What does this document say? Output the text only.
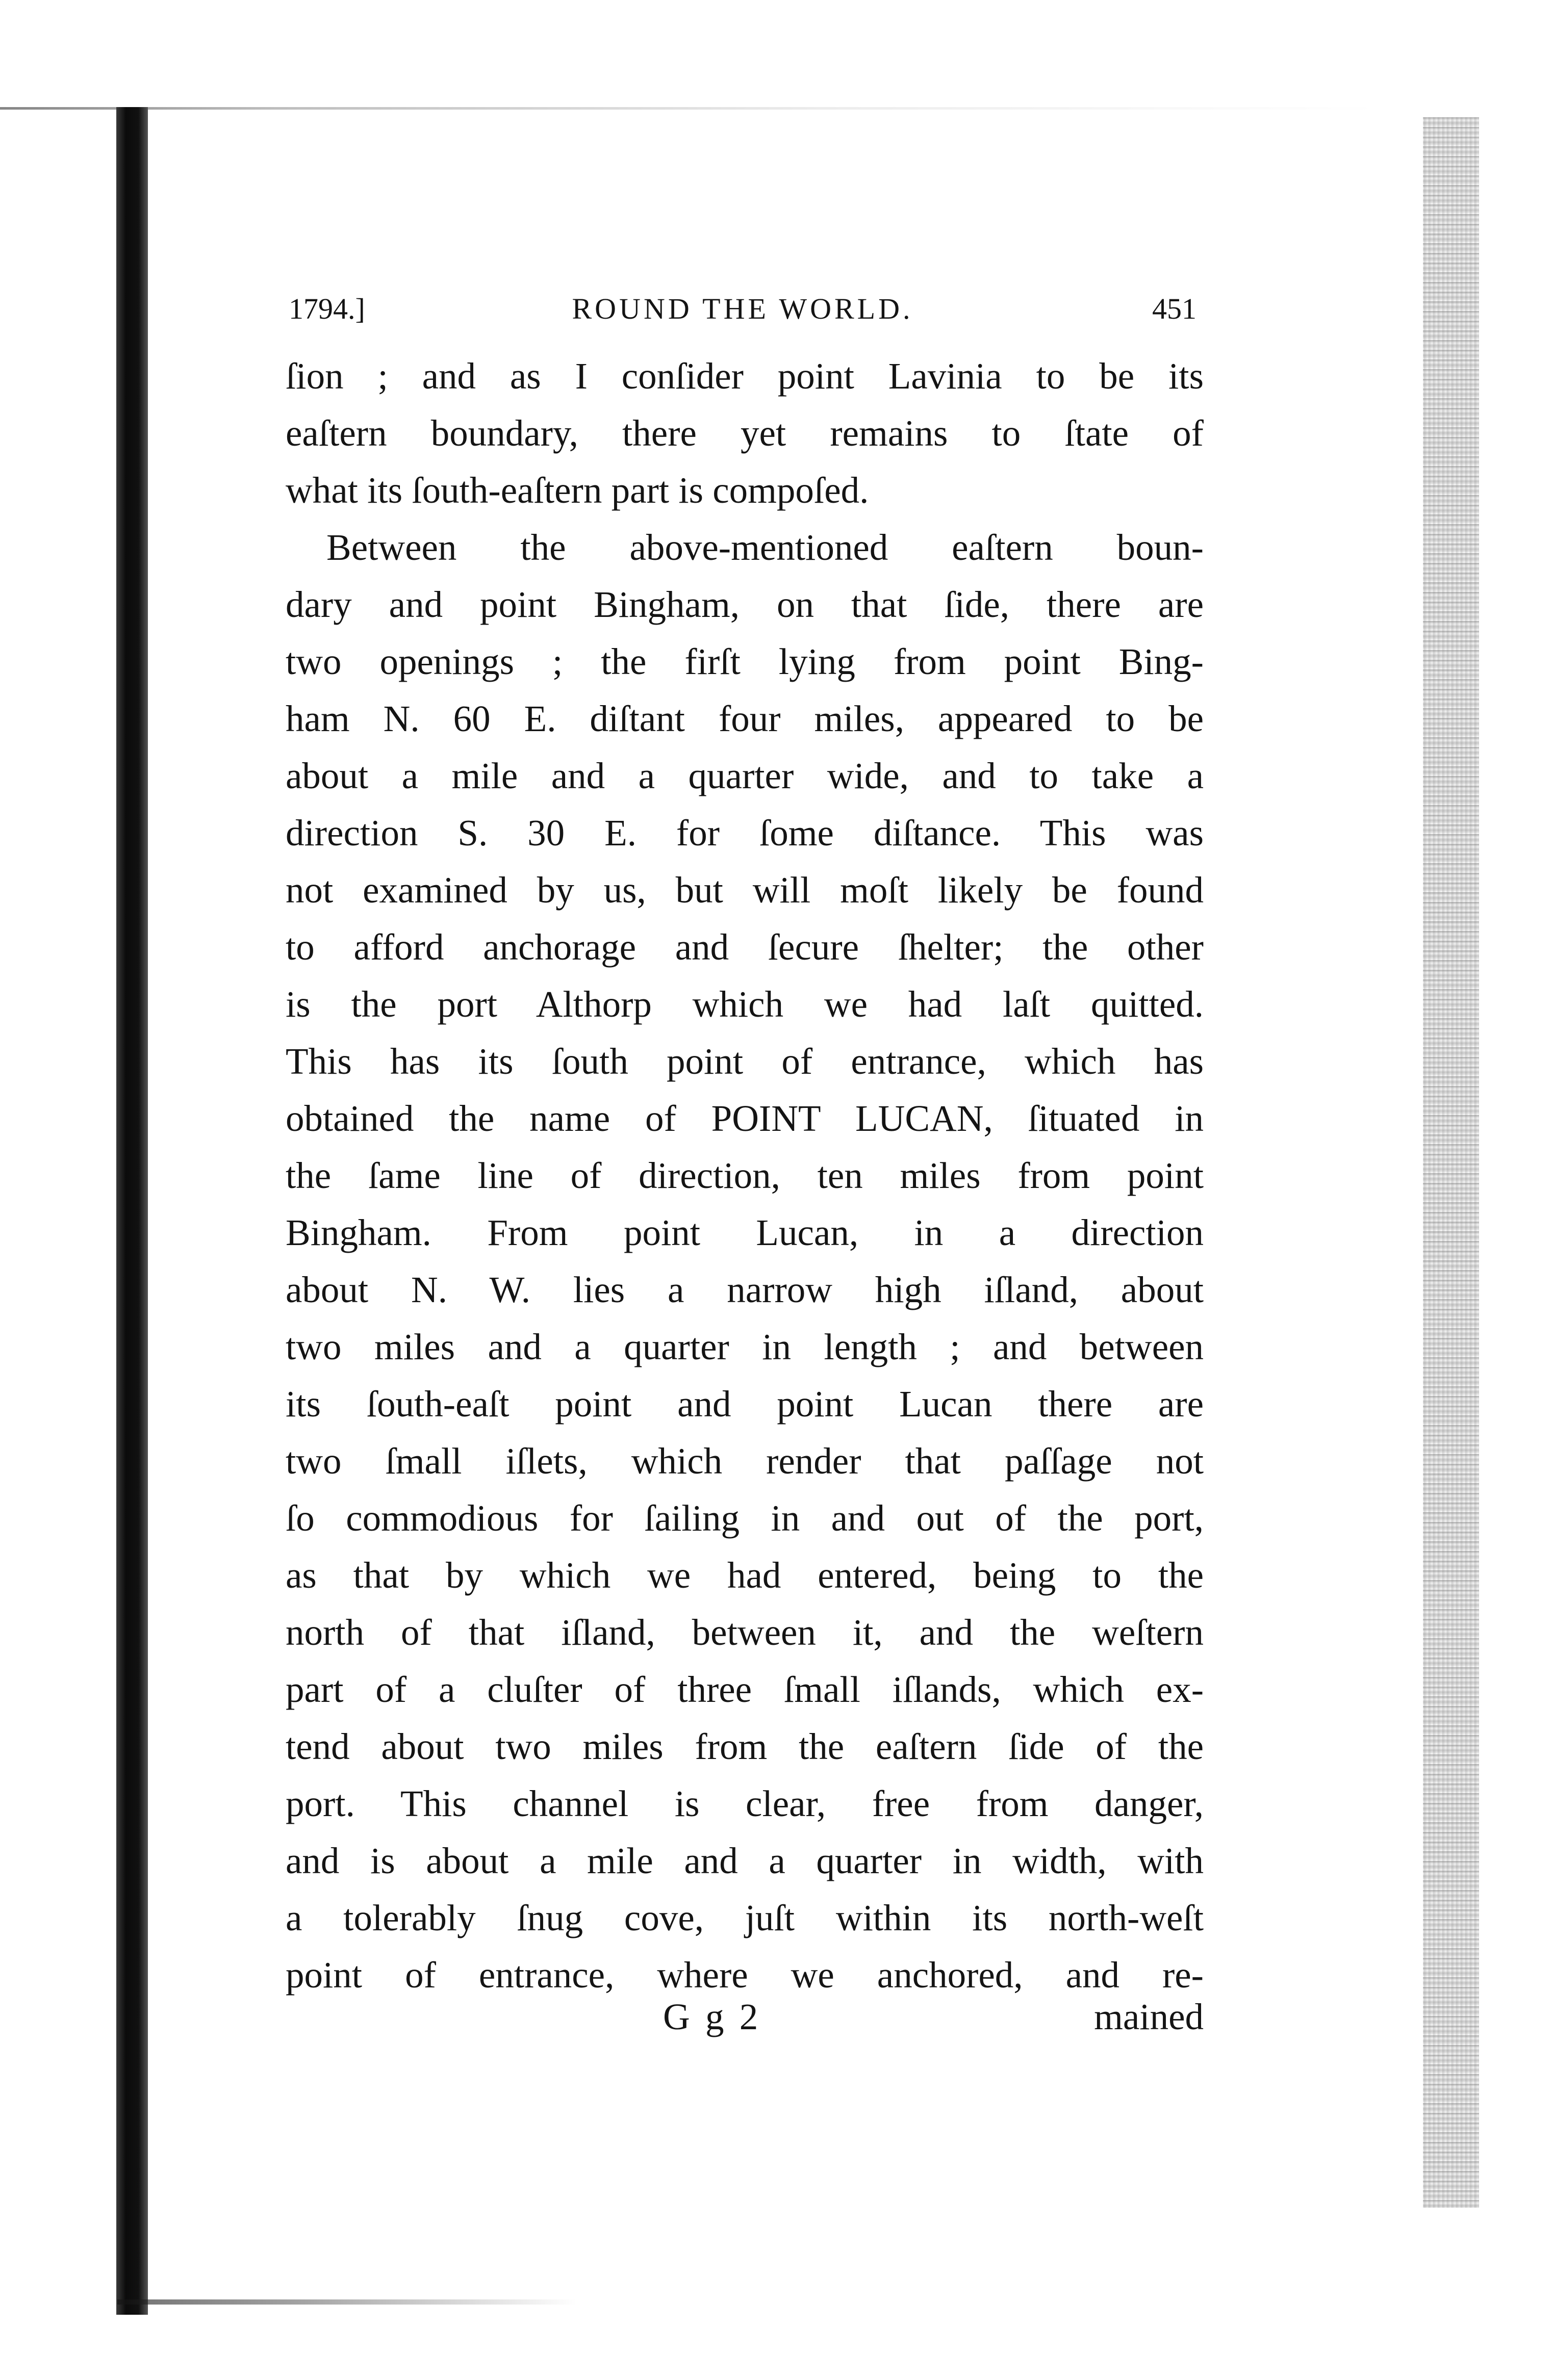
1794.]	ROUND THE WORLD.	451
ſion ; and as I conſider point Lavinia to be its
eaſtern boundary, there yet remains to ſtate of
what its ſouth-eaſtern part is compoſed.
Between the above-mentioned eaſtern boun-
dary and point Bingham, on that ſide, there are
two openings ; the firſt lying from point Bing-
ham N. 60 E. diſtant four miles, appeared to be
about a mile and a quarter wide, and to take a
direction S. 30 E. for ſome diſtance. This was
not examined by us, but will moſt likely be found
to afford anchorage and ſecure ſhelter; the other
is the port Althorp which we had laſt quitted.
This has its ſouth point of entrance, which has
obtained the name of POINT LUCAN, ſituated in
the ſame line of direction, ten miles from point
Bingham. From point Lucan, in a direction
about N. W. lies a narrow high iſland, about
two miles and a quarter in length ; and between
its ſouth-eaſt point and point Lucan there are
two ſmall iſlets, which render that paſſage not
ſo commodious for ſailing in and out of the port,
as that by which we had entered, being to the
north of that iſland, between it, and the weſtern
part of a cluſter of three ſmall iſlands, which ex-
tend about two miles from the eaſtern ſide of the
port. This channel is clear, free from danger,
and is about a mile and a quarter in width, with
a tolerably ſnug cove, juſt within its north-weſt
point of entrance, where we anchored, and re-
G g 2	mained
